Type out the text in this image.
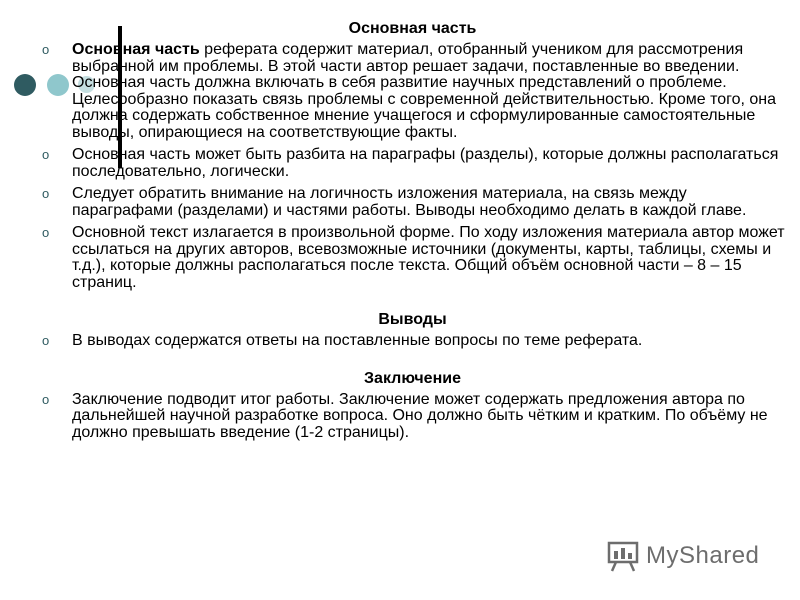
Основная часть
o Основная часть реферата содержит материал, отобранный учеником для рассмотрения выбранной им проблемы. В этой части автор решает задачи, поставленные во введении. Основная часть должна включать в себя развитие научных представлений о проблеме. Целесообразно показать связь проблемы с современной действительностью. Кроме того, она должна содержать собственное мнение учащегося и сформулированные самостоятельные выводы, опирающиеся на соответствующие факты.

o Основная часть может быть разбита на параграфы (разделы), которые должны располагаться последовательно, логически.

o Следует обратить внимание на логичность изложения материала, на связь между параграфами (разделами) и частями работы. Выводы необходимо делать в каждой главе.

o Основной текст излагается в произвольной форме. По ходу изложения материала автор может ссылаться на других авторов, всевозможные источники (документы, карты, таблицы, схемы и т.д.), которые должны располагаться после текста. Общий объём основной части – 8 – 15 страниц.

Выводы
o В выводах содержатся ответы на поставленные вопросы по теме реферата.

Заключение
o Заключение подводит итог работы. Заключение может содержать предложения автора по дальнейшей научной разработке вопроса. Оно должно быть чётким и кратким. По объёму не должно превышать введение (1-2 страницы).

MyShared
